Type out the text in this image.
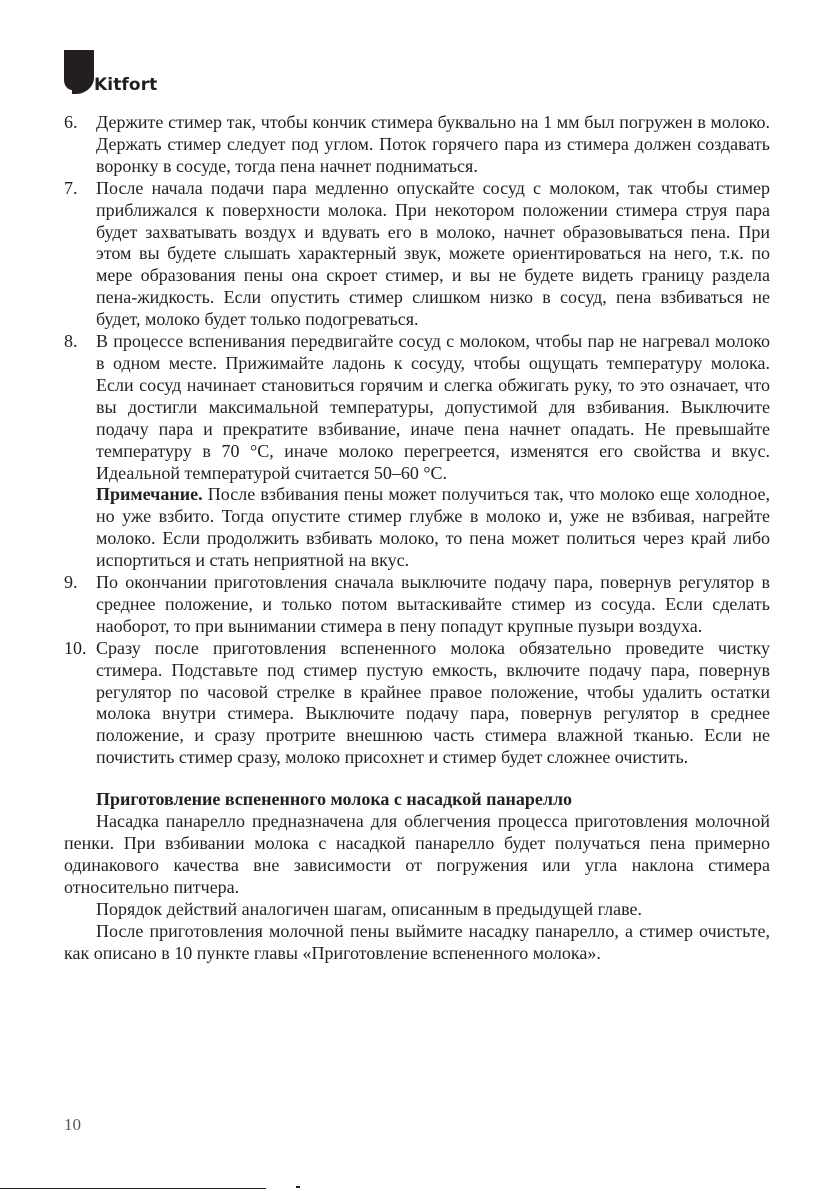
Kitfort
6. Держите стимер так, чтобы кончик стимера буквально на 1 мм был погружен в молоко. Держать стимер следует под углом. Поток горячего пара из стимера должен создавать воронку в сосуде, тогда пена начнет подниматься.
7. После начала подачи пара медленно опускайте сосуд с молоком, так чтобы стимер приближался к поверхности молока. При некотором положении стимера струя пара будет захватывать воздух и вдувать его в молоко, начнет образовываться пена. При этом вы будете слышать характерный звук, можете ориентироваться на него, т.к. по мере образования пены она скроет стимер, и вы не будете видеть границу раздела пена-жидкость. Если опустить стимер слишком низко в сосуд, пена взбиваться не будет, молоко будет только подогреваться.
8. В процессе вспенивания передвигайте сосуд с молоком, чтобы пар не нагревал молоко в одном месте. Прижимайте ладонь к сосуду, чтобы ощущать температуру молока. Если сосуд начинает становиться горячим и слегка обжигать руку, то это означает, что вы достигли максимальной температуры, допустимой для взбивания. Выключите подачу пара и прекратите взбивание, иначе пена начнет опадать. Не превышайте температуру в 70 °С, иначе молоко перегреется, изменятся его свойства и вкус. Идеальной температурой считается 50–60 °С.
Примечание. После взбивания пены может получиться так, что молоко еще холодное, но уже взбито. Тогда опустите стимер глубже в молоко и, уже не взбивая, нагрейте молоко. Если продолжить взбивать молоко, то пена может политься через край либо испортиться и стать неприятной на вкус.
9. По окончании приготовления сначала выключите подачу пара, повернув регулятор в среднее положение, и только потом вытаскивайте стимер из сосуда. Если сделать наоборот, то при вынимании стимера в пену попадут крупные пузыри воздуха.
10. Сразу после приготовления вспененного молока обязательно проведите чистку стимера. Подставьте под стимер пустую емкость, включите подачу пара, повернув регулятор по часовой стрелке в крайнее правое положение, чтобы удалить остатки молока внутри стимера. Выключите подачу пара, повернув регулятор в среднее положение, и сразу протрите внешнюю часть стимера влажной тканью. Если не почистить стимер сразу, молоко присохнет и стимер будет сложнее очистить.
Приготовление вспененного молока с насадкой панарелло

Насадка панарелло предназначена для облегчения процесса приготовления молочной пенки. При взбивании молока с насадкой панарелло будет получаться пена примерно одинакового качества вне зависимости от погружения или угла наклона стимера относительно питчера.

Порядок действий аналогичен шагам, описанным в предыдущей главе.

После приготовления молочной пены выймите насадку панарелло, а стимер очистьте, как описано в 10 пункте главы «Приготовление вспененного молока».

10
